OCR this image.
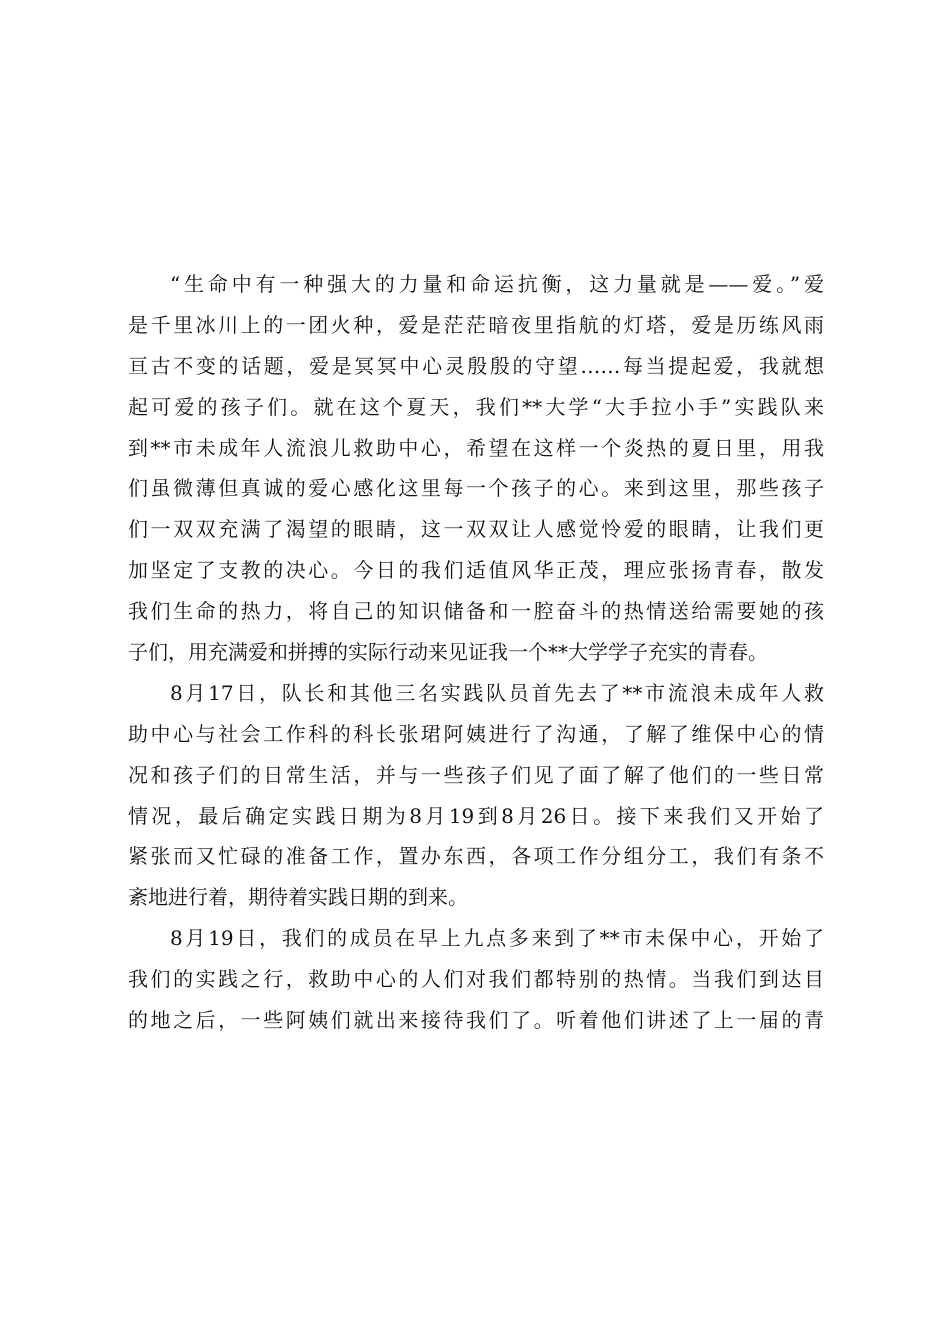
“生命中有一种强大的力量和命运抗衡，这力量就是——爱。”爱
是千里冰川上的一团火种，爱是茫茫暗夜里指航的灯塔，爱是历练风雨
亘古不变的话题，爱是冥冥中心灵殷殷的守望……每当提起爱，我就想
起可爱的孩子们。就在这个夏天，我们**大学“大手拉小手”实践队来
到**市未成年人流浪儿救助中心，希望在这样一个炎热的夏日里，用我
们虽微薄但真诚的爱心感化这里每一个孩子的心。来到这里，那些孩子
们一双双充满了渴望的眼睛，这一双双让人感觉怜爱的眼睛，让我们更
加坚定了支教的决心。今日的我们适值风华正茂，理应张扬青春，散发
我们生命的热力，将自己的知识储备和一腔奋斗的热情送给需要她的孩
子们，用充满爱和拼搏的实际行动来见证我一个**大学学子充实的青春。
8月17日，队长和其他三名实践队员首先去了**市流浪未成年人救
助中心与社会工作科的科长张珺阿姨进行了沟通，了解了维保中心的情
况和孩子们的日常生活，并与一些孩子们见了面了解了他们的一些日常
情况，最后确定实践日期为8月19到8月26日。接下来我们又开始了
紧张而又忙碌的准备工作，置办东西，各项工作分组分工，我们有条不
紊地进行着，期待着实践日期的到来。
8月19日，我们的成员在早上九点多来到了**市未保中心，开始了
我们的实践之行，救助中心的人们对我们都特别的热情。当我们到达目
的地之后，一些阿姨们就出来接待我们了。听着他们讲述了上一届的青
